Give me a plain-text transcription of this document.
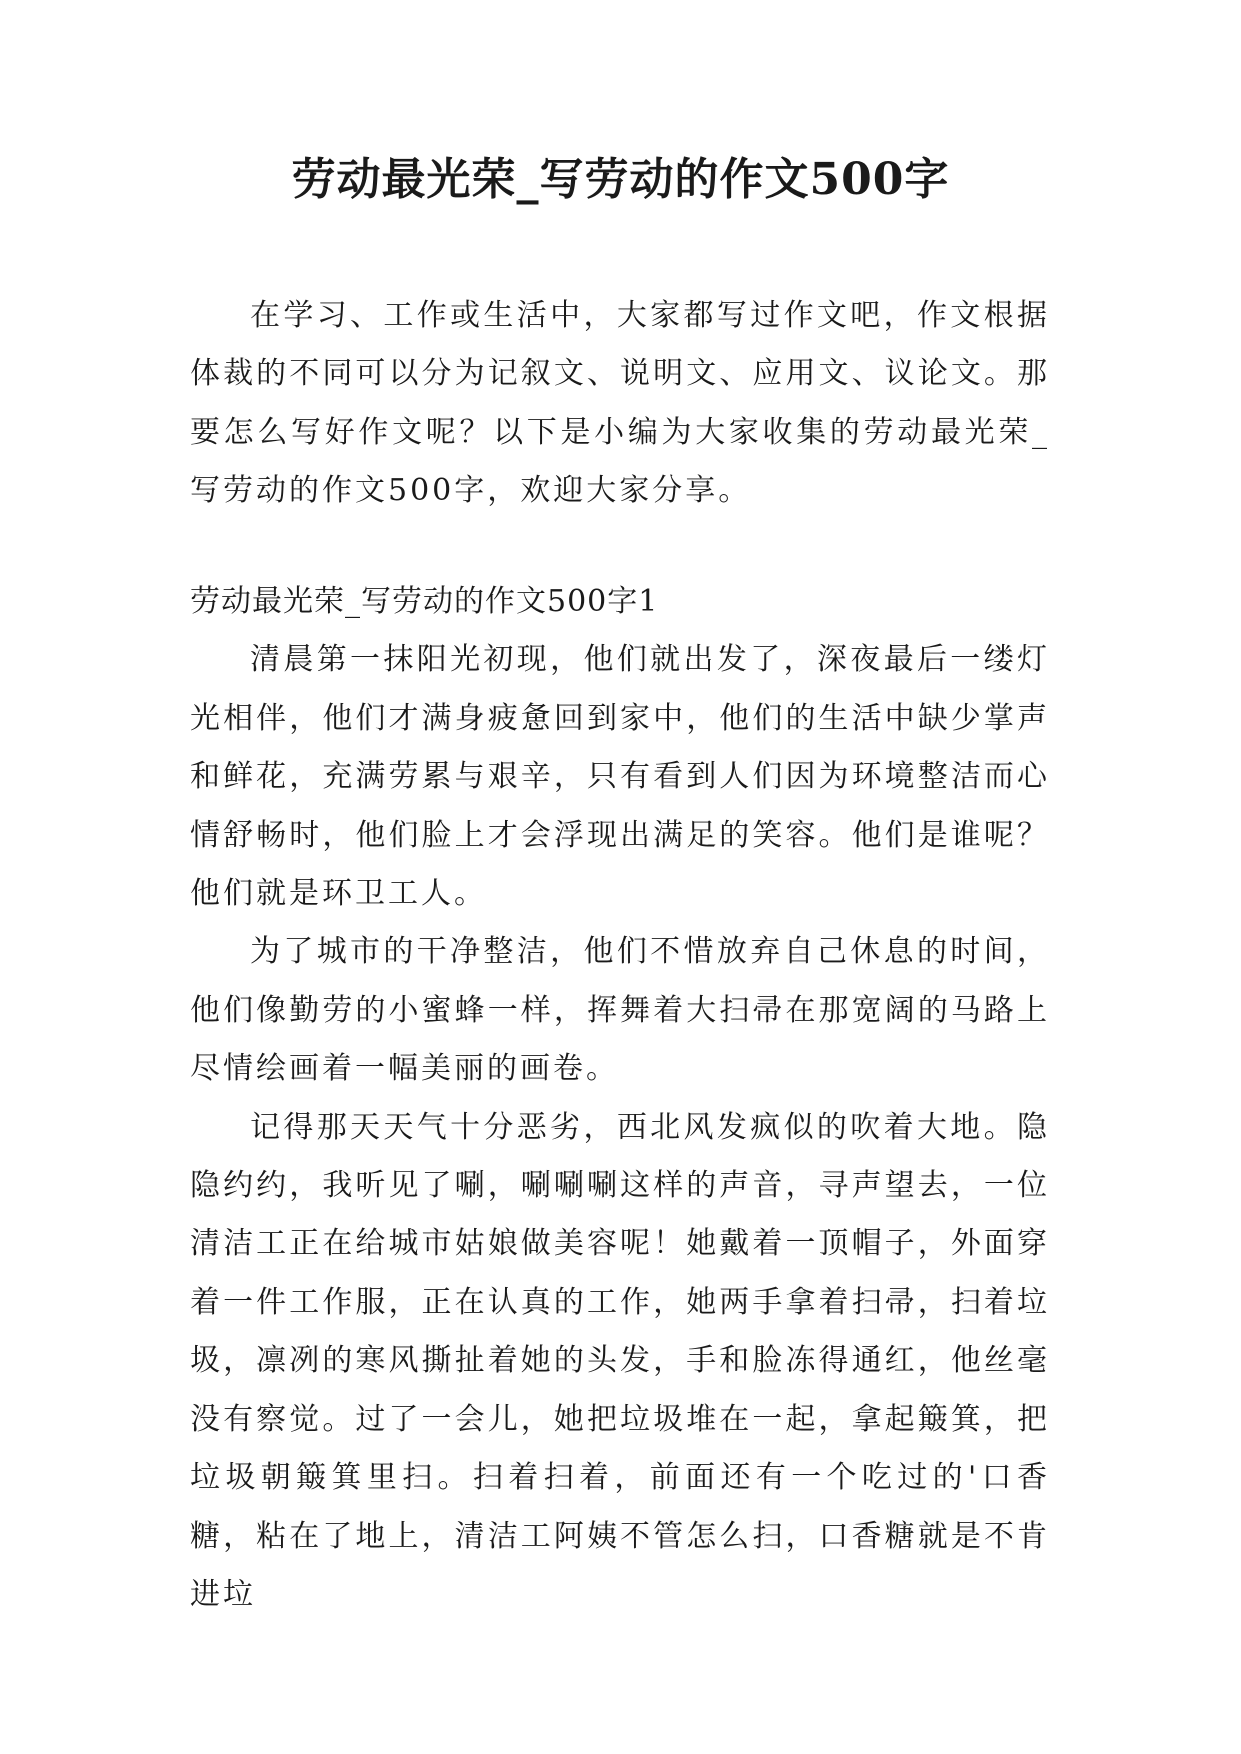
劳动最光荣_写劳动的作文500字

在学习、工作或生活中，大家都写过作文吧，作文根据体裁的不同可以分为记叙文、说明文、应用文、议论文。那要怎么写好作文呢？以下是小编为大家收集的劳动最光荣_写劳动的作文500字，欢迎大家分享。

劳动最光荣_写劳动的作文500字1

清晨第一抹阳光初现，他们就出发了，深夜最后一缕灯光相伴，他们才满身疲惫回到家中，他们的生活中缺少掌声和鲜花，充满劳累与艰辛，只有看到人们因为环境整洁而心情舒畅时，他们脸上才会浮现出满足的笑容。他们是谁呢？他们就是环卫工人。

为了城市的干净整洁，他们不惜放弃自己休息的时间，他们像勤劳的小蜜蜂一样，挥舞着大扫帚在那宽阔的马路上尽情绘画着一幅美丽的画卷。

记得那天天气十分恶劣，西北风发疯似的吹着大地。隐隐约约，我听见了唰，唰唰唰这样的声音，寻声望去，一位清洁工正在给城市姑娘做美容呢！她戴着一顶帽子，外面穿着一件工作服，正在认真的工作，她两手拿着扫帚，扫着垃圾，凛冽的寒风撕扯着她的头发，手和脸冻得通红，他丝毫没有察觉。过了一会儿，她把垃圾堆在一起，拿起簸箕，把垃圾朝簸箕里扫。扫着扫着，前面还有一个吃过的'口香糖，粘在了地上，清洁工阿姨不管怎么扫，口香糖就是不肯进垃
